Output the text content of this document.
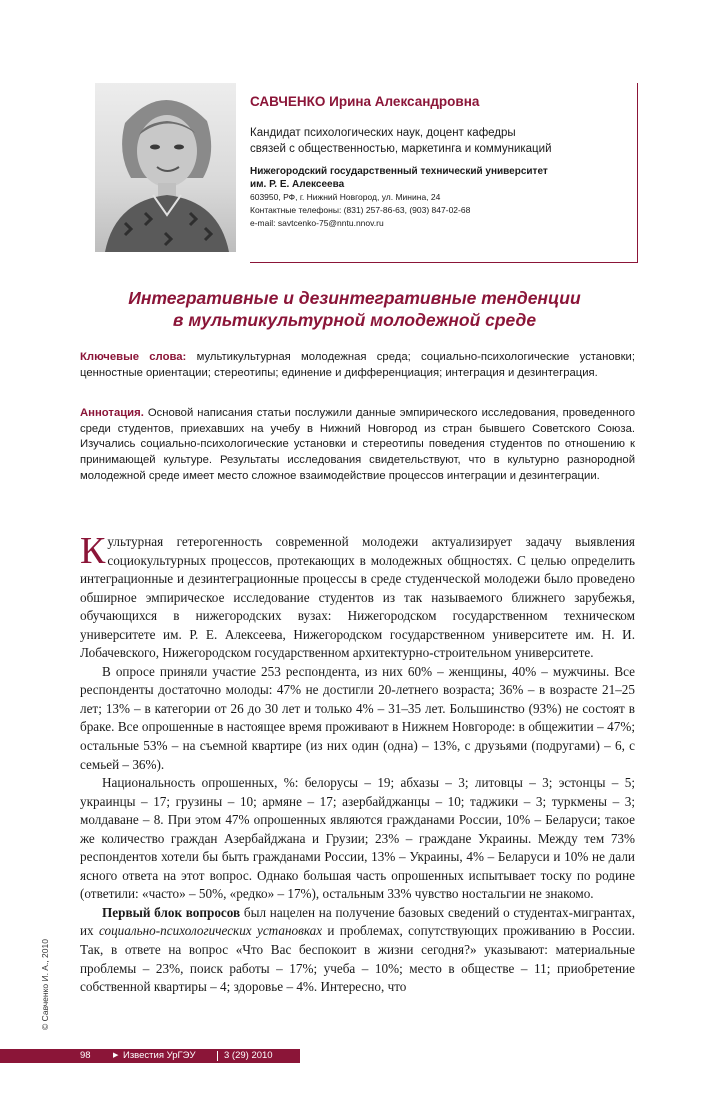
САВЧЕНКО Ирина Александровна

Кандидат психологических наук, доцент кафедры
связей с общественностью, маркетинга и коммуникаций

Нижегородский государственный технический университет
им. Р. Е. Алексеева

603950, РФ, г. Нижний Новгород, ул. Минина, 24
Контактные телефоны: (831) 257-86-63, (903) 847-02-68
e-mail: savtcenko-75@nntu.nnov.ru

Интегративные и дезинтегративные тенденции
в мультикультурной молодежной среде

Ключевые слова: мультикультурная молодежная среда; социально-психологические установки; ценностные ориентации; стереотипы; единение и дифференциация; интеграция и дезинтеграция.

Аннотация. Основой написания статьи послужили данные эмпирического исследования, проведенного среди студентов, приехавших на учебу в Нижний Новгород из стран бывшего Советского Союза. Изучались социально-психологические установки и стереотипы поведения студентов по отношению к принимающей культуре. Результаты исследования свидетельствуют, что в культурно разнородной молодежной среде имеет место сложное взаимодействие процессов интеграции и дезинтеграции.

Культурная гетерогенность современной молодежи актуализирует задачу выявления социокультурных процессов, протекающих в молодежных общностях. С целью определить интеграционные и дезинтеграционные процессы в среде студенческой молодежи было проведено обширное эмпирическое исследование студентов из так называемого ближнего зарубежья, обучающихся в нижегородских вузах: Нижегородском государственном техническом университете им. Р. Е. Алексеева, Нижегородском государственном университете им. Н. И. Лобачевского, Нижегородском государственном архитектурно-строительном университете.

В опросе приняли участие 253 респондента, из них 60% – женщины, 40% – мужчины. Все респонденты достаточно молоды: 47% не достигли 20-летнего возраста; 36% – в возрасте 21–25 лет; 13% – в категории от 26 до 30 лет и только 4% – 31–35 лет. Большинство (93%) не состоят в браке. Все опрошенные в настоящее время проживают в Нижнем Новгороде: в общежитии – 47%; остальные 53% – на съемной квартире (из них один (одна) – 13%, с друзьями (подругами) – 6, с семьей – 36%).

Национальность опрошенных, %: белорусы – 19; абхазы – 3; литовцы – 3; эстонцы – 5; украинцы – 17; грузины – 10; армяне – 17; азербайджанцы – 10; таджики – 3; туркмены – 3; молдаване – 8. При этом 47% опрошенных являются гражданами России, 10% – Беларуси; такое же количество граждан Азербайджана и Грузии; 23% – граждане Украины. Между тем 73% респондентов хотели бы быть гражданами России, 13% – Украины, 4% – Беларуси и 10% не дали ясного ответа на этот вопрос. Однако большая часть опрошенных испытывает тоску по родине (ответили: «часто» – 50%, «редко» – 17%), остальным 33% чувство ностальгии не знакомо.

Первый блок вопросов был нацелен на получение базовых сведений о студентах-мигрантах, их социально-психологических установках и проблемах, сопутствующих проживанию в России. Так, в ответе на вопрос «Что Вас беспокоит в жизни сегодня?» указывают: материальные проблемы – 23%, поиск работы – 17%; учеба – 10%; место в обществе – 11; приобретение собственной квартиры – 4; здоровье – 4%. Интересно, что

© Савченко И. А., 2010
98	▶ Известия УрГЭУ	3 (29) 2010
